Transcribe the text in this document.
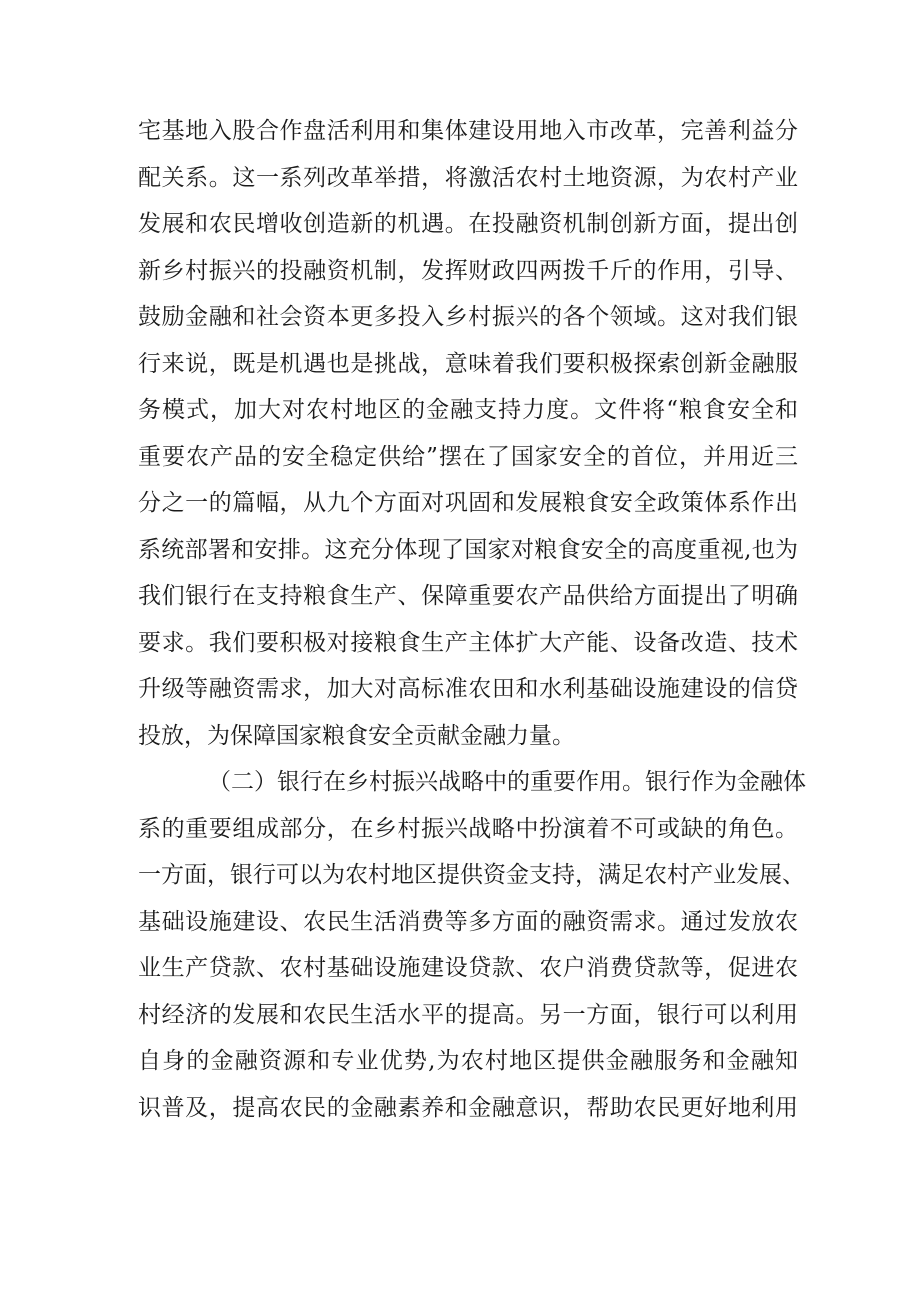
宅基地入股合作盘活利用和集体建设用地入市改革，完善利益分
配关系。这一系列改革举措，将激活农村土地资源，为农村产业
发展和农民增收创造新的机遇。在投融资机制创新方面，提出创
新乡村振兴的投融资机制，发挥财政四两拨千斤的作用，引导、
鼓励金融和社会资本更多投入乡村振兴的各个领域。这对我们银
行来说，既是机遇也是挑战，意味着我们要积极探索创新金融服
务模式，加大对农村地区的金融支持力度。文件将“粮食安全和
重要农产品的安全稳定供给”摆在了国家安全的首位，并用近三
分之一的篇幅，从九个方面对巩固和发展粮食安全政策体系作出
系统部署和安排。这充分体现了国家对粮食安全的高度重视,也为
我们银行在支持粮食生产、保障重要农产品供给方面提出了明确
要求。我们要积极对接粮食生产主体扩大产能、设备改造、技术
升级等融资需求，加大对高标准农田和水利基础设施建设的信贷
投放，为保障国家粮食安全贡献金融力量。
（二）银行在乡村振兴战略中的重要作用。银行作为金融体
系的重要组成部分，在乡村振兴战略中扮演着不可或缺的角色。
一方面，银行可以为农村地区提供资金支持，满足农村产业发展、
基础设施建设、农民生活消费等多方面的融资需求。通过发放农
业生产贷款、农村基础设施建设贷款、农户消费贷款等，促进农
村经济的发展和农民生活水平的提高。另一方面，银行可以利用
自身的金融资源和专业优势,为农村地区提供金融服务和金融知
识普及，提高农民的金融素养和金融意识，帮助农民更好地利用
